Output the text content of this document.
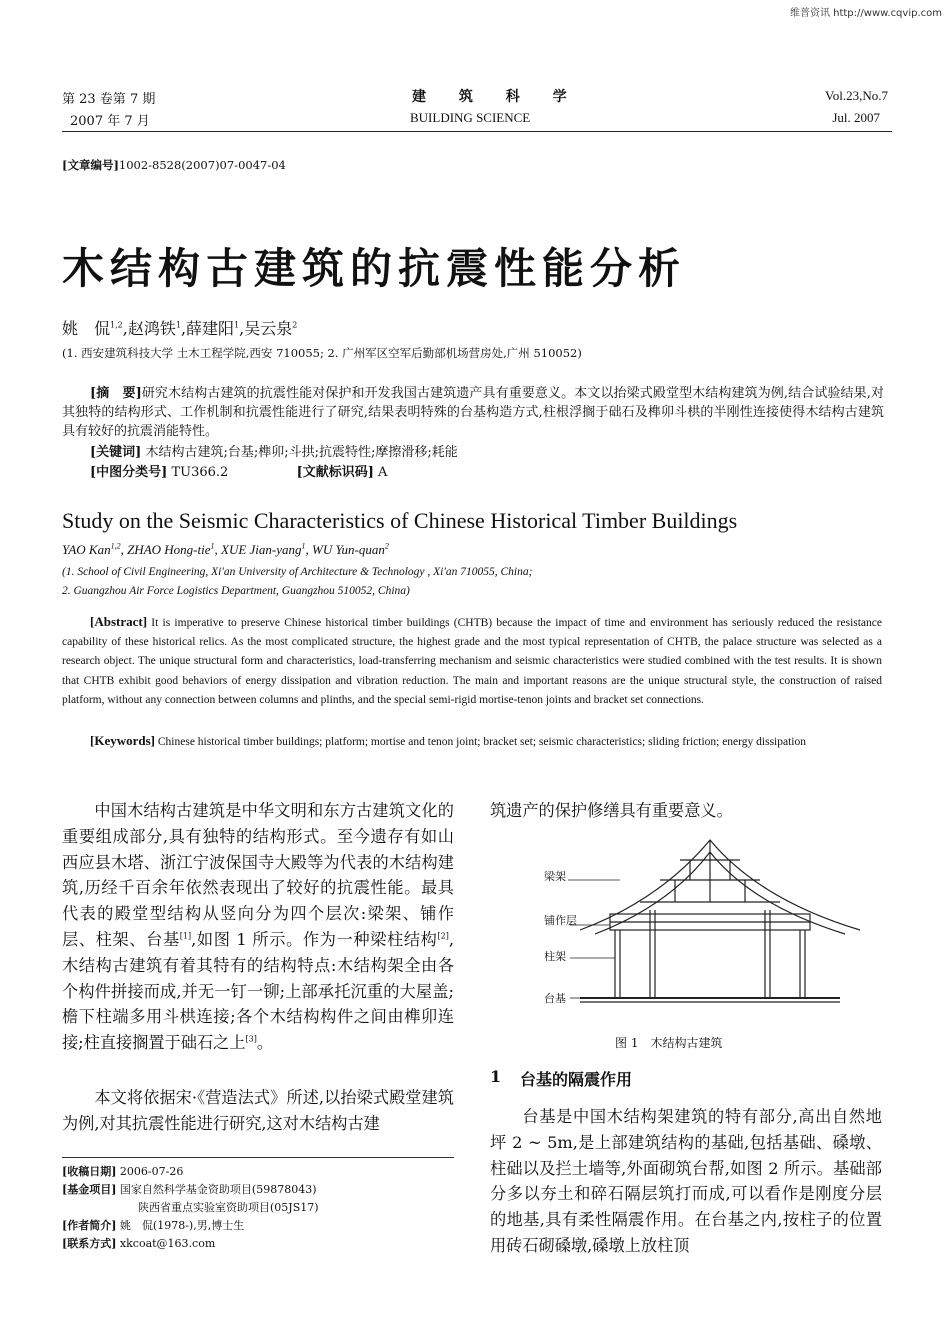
维普资讯 http://www.cqvip.com
第 23 卷第 7 期
2007 年 7 月
建 筑 科 学
BUILDING SCIENCE
Vol.23,No.7
Jul. 2007
[文章编号]1002-8528(2007)07-0047-04
木结构古建筑的抗震性能分析
姚　侃$^{1,2}$,赵鸿铁$^1$,薛建阳$^1$,吴云泉$^2$
(1. 西安建筑科技大学 土木工程学院,西安 710055; 2. 广州军区空军后勤部机场营房处,广州 510052)
[摘　要]研究木结构古建筑的抗震性能对保护和开发我国古建筑遗产具有重要意义。本文以抬梁式殿堂型木结构建筑为例,结合试验结果,对其独特的结构形式、工作机制和抗震性能进行了研究,结果表明特殊的台基构造方式,柱根浮搁于础石及榫卯斗栱的半刚性连接使得木结构古建筑具有较好的抗震消能特性。
[关键词] 木结构古建筑;台基;榫卯;斗拱;抗震特性;摩擦滑移;耗能
[中图分类号] TU366.2	[文献标识码] A
Study on the Seismic Characteristics of Chinese Historical Timber Buildings
YAO Kan$^{1,2}$, ZHAO Hong-tie$^1$, XUE Jian-yang$^1$, WU Yun-quan$^2$
(1. School of Civil Engineering, Xi'an University of Architecture & Technology , Xi'an 710055, China;
2. Guangzhou Air Force Logistics Department, Guangzhou 510052, China)
[Abstract] It is imperative to preserve Chinese historical timber buildings (CHTB) because the impact of time and environment has seriously reduced the resistance capability of these historical relics. As the most complicated structure, the highest grade and the most typical representation of CHTB, the palace structure was selected as a research object. The unique structural form and characteristics, load-transferring mechanism and seismic characteristics were studied combined with the test results. It is shown that CHTB exhibit good behaviors of energy dissipation and vibration reduction. The main and important reasons are the unique structural style, the construction of raised platform, without any connection between columns and plinths, and the special semi-rigid mortise-tenon joints and bracket set connections.
[Keywords] Chinese historical timber buildings; platform; mortise and tenon joint; bracket set; seismic characteristics; sliding friction; energy dissipation
中国木结构古建筑是中华文明和东方古建筑文化的重要组成部分,具有独特的结构形式。至今遗存有如山西应县木塔、浙江宁波保国寺大殿等为代表的木结构建筑,历经千百余年依然表现出了较好的抗震性能。最具代表的殿堂型结构从竖向分为四个层次:梁架、铺作层、柱架、台基[1],如图 1 所示。作为一种梁柱结构[2],木结构古建筑有着其特有的结构特点:木结构架全由各个构件拼接而成,并无一钉一铆;上部承托沉重的大屋盖;檐下柱端多用斗栱连接;各个木结构构件之间由榫卯连接;柱直接搁置于础石之上[3]。
本文将依据宋·《营造法式》所述,以抬梁式殿堂建筑为例,对其抗震性能进行研究,这对木结构古建
[收稿日期] 2006-07-26
[基金项目] 国家自然科学基金资助项目(59878043)
陕西省重点实验室资助项目(05JS17)
[作者简介] 姚　侃(1978-),男,博士生
[联系方式] xkcoat@163.com
筑遗产的保护修缮具有重要意义。
梁架
铺作层
柱架
台基
图 1　木结构古建筑
1 台基的隔震作用
台基是中国木结构架建筑的特有部分,高出自然地坪 2 ~ 5m,是上部建筑结构的基础,包括基础、磉墩、柱础以及拦土墙等,外面砌筑台帮,如图 2 所示。基础部分多以夯土和碎石隔层筑打而成,可以看作是刚度分层的地基,具有柔性隔震作用。在台基之内,按柱子的位置用砖石砌磉墩,磉墩上放柱顶
